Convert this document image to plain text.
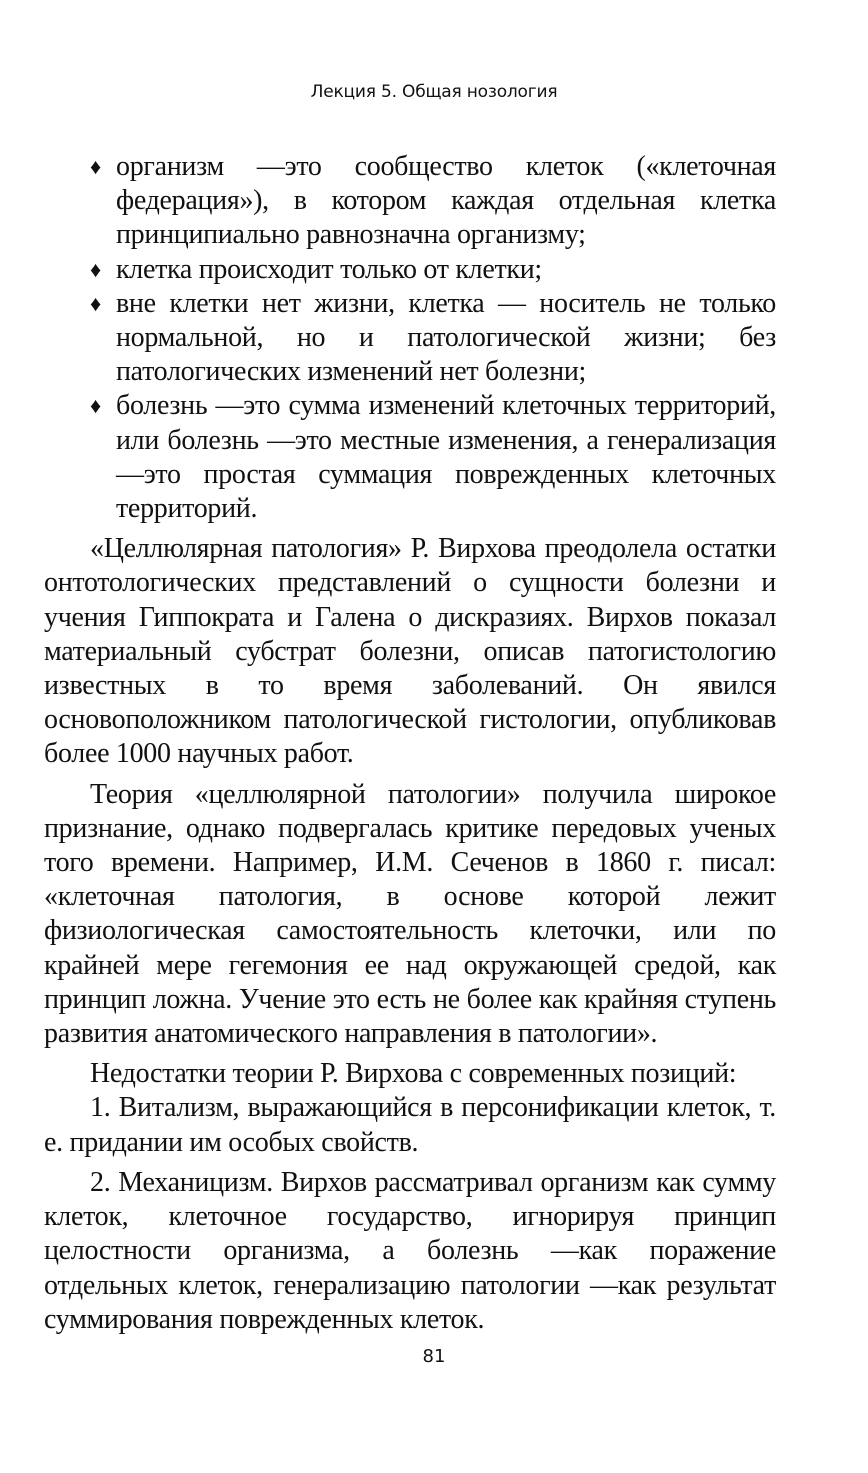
Лекция 5. Общая нозология
♦ организм —это сообщество клеток («клеточная федерация»), в котором каждая отдельная клетка принципиально равнозначна организму;
♦ клетка происходит только от клетки;
♦ вне клетки нет жизни, клетка — носитель не только нормальной, но и патологической жизни; без патологических изменений нет болезни;
♦ болезнь —это сумма изменений клеточных территорий, или болезнь —это местные изменения, а генерализация —это простая суммация поврежденных клеточных территорий.

«Целлюлярная патология» Р. Вирхова преодолела остатки онтотологических представлений о сущности болезни и учения Гиппократа и Галена о дискразиях. Вирхов показал материальный субстрат болезни, описав патогистологию известных в то время заболеваний. Он явился основоположником патологической гистологии, опубликовав более 1000 научных работ.

Теория «целлюлярной патологии» получила широкое признание, однако подвергалась критике передовых ученых того времени. Например, И.М. Сеченов в 1860 г. писал: «клеточная патология, в основе которой лежит физиологическая самостоятельность клеточки, или по крайней мере гегемония ее над окружающей средой, как принцип ложна. Учение это есть не более как крайняя ступень развития анатомического направления в патологии».

Недостатки теории Р. Вирхова с современных позиций:

1. Витализм, выражающийся в персонификации клеток, т. е. придании им особых свойств.

2. Механицизм. Вирхов рассматривал организм как сумму клеток, клеточное государство, игнорируя принцип целостности организма, а болезнь —как поражение отдельных клеток, генерализацию патологии —как результат суммирования поврежденных клеток.

81
